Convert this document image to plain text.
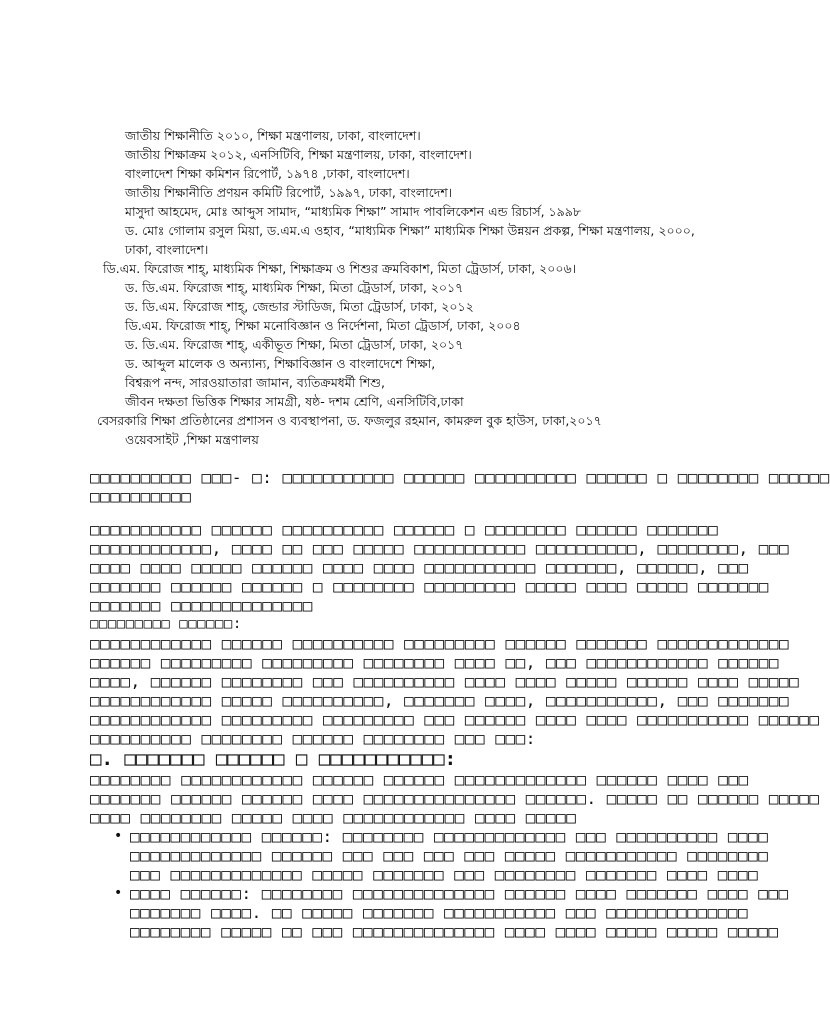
জাতীয় শিক্ষানীতি ২০১০, শিক্ষা মন্ত্রণালয়, ঢাকা, বাংলাদেশ।
জাতীয় শিক্ষাক্রম ২০১২, এনসিটিবি, শিক্ষা মন্ত্রণালয়, ঢাকা, বাংলাদেশ।
বাংলাদেশ শিক্ষা কমিশন রিপোর্ট, ১৯৭৪ ,ঢাকা, বাংলাদেশ।
জাতীয় শিক্ষানীতি প্রণয়ন কমিটি রিপোর্ট, ১৯৯৭, ঢাকা, বাংলাদেশ।
মাসুদা আহমেদ, মোঃ আব্দুস সামাদ, “মাধ্যমিক শিক্ষা” সামাদ পাবলিকেশন এন্ড রিচার্স, ১৯৯৮
ড. মোঃ গোলাম রসুল মিয়া, ড.এম.এ ওহাব, “মাধ্যমিক শিক্ষা” মাধ্যমিক শিক্ষা উন্নয়ন প্রকল্প, শিক্ষা মন্ত্রণালয়, ২০০০,
ঢাকা, বাংলাদেশ।
ডি.এম. ফিরোজ শাহ্, মাধ্যমিক শিক্ষা, শিক্ষাক্রম ও শিশুর ক্রমবিকাশ, মিতা ট্রেডার্স, ঢাকা, ২০০৬।
ড. ডি.এম. ফিরোজ শাহ্, মাধ্যমিক শিক্ষা, মিতা ট্রেডার্স, ঢাকা, ২০১৭
ড. ডি.এম. ফিরোজ শাহ্, জেন্ডার স্টাডিজ, মিতা ট্রেডার্স, ঢাকা, ২০১২
ডি.এম. ফিরোজ শাহ্, শিক্ষা মনোবিজ্ঞান ও নির্দেশনা, মিতা ট্রেডার্স, ঢাকা, ২০০৪
ড. ডি.এম. ফিরোজ শাহ্, একীভূত শিক্ষা, মিতা ট্রেডার্স, ঢাকা, ২০১৭
ড. আব্দুল মালেক ও অন্যান্য, শিক্ষাবিজ্ঞান ও বাংলাদেশে শিক্ষা,
বিশ্বরূপ নন্দ, সারওয়াতারা জামান, ব্যতিক্রমধর্মী শিশু,
জীবন দক্ষতা ভিত্তিক শিক্ষার সামগ্রী, ষষ্ঠ- দশম শ্রেণি, এনসিটিবি,ঢাকা
বেসরকারি শিক্ষা প্রতিষ্ঠানের প্রশাসন ও ব্যবস্থাপনা, ড. ফজলুর রহমান, কামরুল বুক হাউস, ঢাকা,২০১৭
ওয়েবসাইট ,শিক্ষা মন্ত্রণালয়
□□□□□□□□□□ □□□- □: □□□□□□□□□□□ □□□□□□ □□□□□□□□□□ □□□□□□ □ □□□□□□□□ □□□□□□
□□□□□□□□□□
□□□□□□□□□□□ □□□□□□ □□□□□□□□□□ □□□□□□ □ □□□□□□□□ □□□□□□ □□□□□□□
□□□□□□□□□□□□, □□□□ □□ □□□ □□□□□ □□□□□□□□□□□ □□□□□□□□□□, □□□□□□□□, □□□
□□□□ □□□□ □□□□□ □□□□□□ □□□□ □□□□ □□□□□□□□□□□ □□□□□□□, □□□□□□, □□□
□□□□□□□ □□□□□□ □□□□□□ □ □□□□□□□□ □□□□□□□□□ □□□□□ □□□□ □□□□□ □□□□□□□
□□□□□□□ □□□□□□□□□□□□□□
□□□□□□□□□ □□□□□□:
□□□□□□□□□□□□ □□□□□□ □□□□□□□□□□ □□□□□□□□□ □□□□□□ □□□□□□□ □□□□□□□□□□□□□
□□□□□□ □□□□□□□□□ □□□□□□□□□ □□□□□□□□ □□□□ □□, □□□ □□□□□□□□□□□□ □□□□□□
□□□□, □□□□□□ □□□□□□□□ □□□ □□□□□□□□□□ □□□□ □□□□ □□□□□ □□□□□□ □□□□ □□□□□
□□□□□□□□□□□□ □□□□□ □□□□□□□□□□, □□□□□□□ □□□□, □□□□□□□□□□□, □□□ □□□□□□□
□□□□□□□□□□□□ □□□□□□□□□ □□□□□□□□□ □□□ □□□□□□ □□□□ □□□□ □□□□□□□□□□□ □□□□□□
□□□□□□□□□□ □□□□□□□□ □□□□□□ □□□□□□□□ □□□ □□□:
□. □□□□□□□ □□□□□□ □ □□□□□□□□□□□:
□□□□□□□□ □□□□□□□□□□□□ □□□□□□ □□□□□□ □□□□□□□□□□□□□ □□□□□□ □□□□ □□□
□□□□□□□ □□□□□□ □□□□□□ □□□□ □□□□□□□□□□□□□□□ □□□□□□. □□□□□ □□ □□□□□□ □□□□□
□□□□ □□□□□□□□ □□□□□ □□□□ □□□□□□□□□□□□ □□□□ □□□□□
• □□□□□□□□□□□□ □□□□□□: □□□□□□□□ □□□□□□□□□□□□□ □□□ □□□□□□□□□□ □□□□
□□□□□□□□□□□□□ □□□□□□ □□□ □□□ □□□ □□□ □□□□□ □□□□□□□□□□□ □□□□□□□□
□□□ □□□□□□□□□□□□□ □□□□□ □□□□□□□ □□□ □□□□□□□□ □□□□□□□ □□□□ □□□□
• □□□□ □□□□□□: □□□□□□□□ □□□□□□□□□□□□□□ □□□□□□ □□□□ □□□□□□□ □□□□ □□□
□□□□□□□ □□□□. □□ □□□□□ □□□□□□□ □□□□□□□□□□□ □□□ □□□□□□□□□□□□□□
□□□□□□□□ □□□□□ □□ □□□ □□□□□□□□□□□□□□ □□□□ □□□□ □□□□□ □□□□□ □□□□□
